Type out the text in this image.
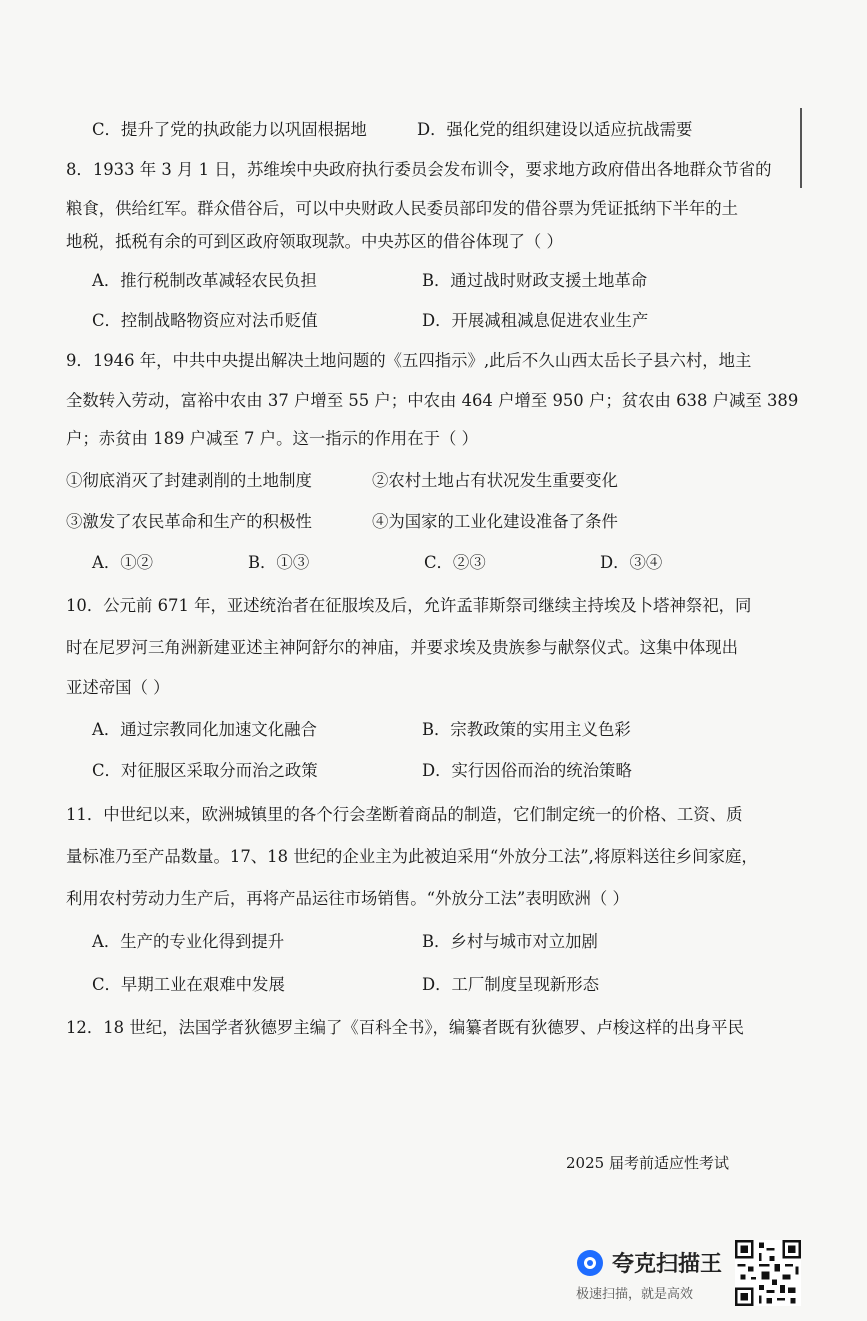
C．提升了党的执政能力以巩固根据地	D．强化党的组织建设以适应抗战需要
8．1933 年 3 月 1 日，苏维埃中央政府执行委员会发布训令，要求地方政府借出各地群众节省的
粮食，供给红军。群众借谷后，可以中央财政人民委员部印发的借谷票为凭证抵纳下半年的土
地税，抵税有余的可到区政府领取现款。中央苏区的借谷体现了（ ）
A．推行税制改革减轻农民负担	B．通过战时财政支援土地革命
C．控制战略物资应对法币贬值	D．开展减租减息促进农业生产
9．1946 年，中共中央提出解决土地问题的《五四指示》,此后不久山西太岳长子县六村，地主
全数转入劳动，富裕中农由 37 户增至 55 户；中农由 464 户增至 950 户；贫农由 638 户减至 389
户；赤贫由 189 户减至 7 户。这一指示的作用在于（ ）
①彻底消灭了封建剥削的土地制度	②农村土地占有状况发生重要变化
③激发了农民革命和生产的积极性	④为国家的工业化建设准备了条件
A．①②	B．①③	C．②③	D．③④
10．公元前 671 年，亚述统治者在征服埃及后，允许孟菲斯祭司继续主持埃及卜塔神祭祀，同
时在尼罗河三角洲新建亚述主神阿舒尔的神庙，并要求埃及贵族参与献祭仪式。这集中体现出
亚述帝国（ ）
A．通过宗教同化加速文化融合	B．宗教政策的实用主义色彩
C．对征服区采取分而治之政策	D．实行因俗而治的统治策略
11．中世纪以来，欧洲城镇里的各个行会垄断着商品的制造，它们制定统一的价格、工资、质
量标准乃至产品数量。17、18 世纪的企业主为此被迫采用“外放分工法”,将原料送往乡间家庭，
利用农村劳动力生产后，再将产品运往市场销售。“外放分工法”表明欧洲（ ）
A．生产的专业化得到提升	B．乡村与城市对立加剧
C．早期工业在艰难中发展	D．工厂制度呈现新形态
12．18 世纪，法国学者狄德罗主编了《百科全书》，编纂者既有狄德罗、卢梭这样的出身平民
2025 届考前适应性考试
夸克扫描王
极速扫描，就是高效
